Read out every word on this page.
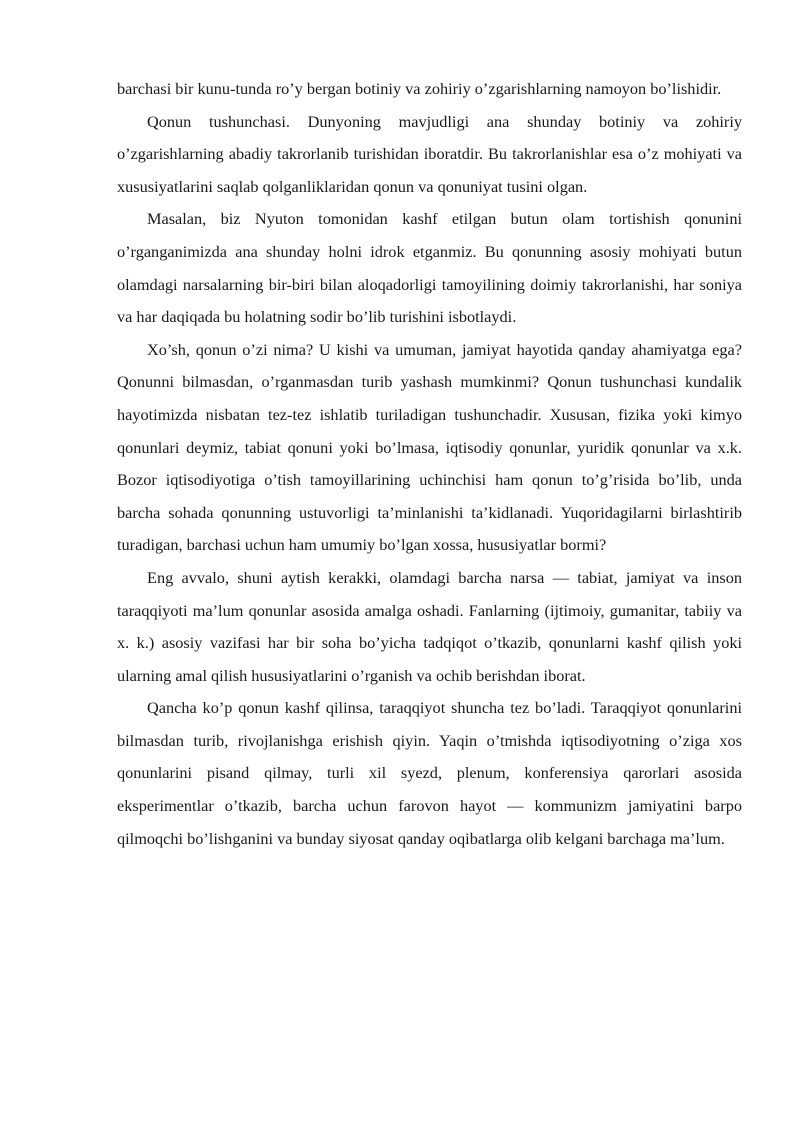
barchasi bir kunu-tunda ro’y bergan botiniy va zohiriy o’zgarishlarning namoyon bo’lishidir.

Qonun tushunchasi. Dunyoning mavjudligi ana shunday botiniy va zohiriy o’zgarishlarning abadiy takrorlanib turishidan iboratdir. Bu takrorlanishlar esa o’z mohiyati va xususiyatlarini saqlab qolganliklaridan qonun va qonuniyat tusini olgan.

Masalan, biz Nyuton tomonidan kashf etilgan butun olam tortishish qonunini o’rganganimizda ana shunday holni idrok etganmiz. Bu qonunning asosiy mohiyati butun olamdagi narsalarning bir-biri bilan aloqadorligi tamoyilining doimiy takrorlanishi, har soniya va har daqiqada bu holatning sodir bo’lib turishini isbotlaydi.

Xo’sh, qonun o’zi nima? U kishi va umuman, jamiyat hayotida qanday ahamiyatga ega? Qonunni bilmasdan, o’rganmasdan turib yashash mumkinmi? Qonun tushunchasi kundalik hayotimizda nisbatan tez-tez ishlatib turiladigan tushunchadir. Xususan, fizika yoki kimyo qonunlari deymiz, tabiat qonuni yoki bo’lmasa, iqtisodiy qonunlar, yuridik qonunlar va x.k. Bozor iqtisodiyotiga o’tish tamoyillarining uchinchisi ham qonun to’g’risida bo’lib, unda barcha sohada qonunning ustuvorligi ta’minlanishi ta’kidlanadi. Yuqoridagilarni birlashtirib turadigan, barchasi uchun ham umumiy bo’lgan xossa, hususiyatlar bormi?

Eng avvalo, shuni aytish kerakki, olamdagi barcha narsa — tabiat, jamiyat va inson taraqqiyoti ma’lum qonunlar asosida amalga oshadi. Fanlarning (ijtimoiy, gumanitar, tabiiy va x. k.) asosiy vazifasi har bir soha bo’yicha tadqiqot o’tkazib, qonunlarni kashf qilish yoki ularning amal qilish hususiyatlarini o’rganish va ochib berishdan iborat.

Qancha ko’p qonun kashf qilinsa, taraqqiyot shuncha tez bo’ladi. Taraqqiyot qonunlarini bilmasdan turib, rivojlanishga erishish qiyin. Yaqin o’tmishda iqtisodiyotning o’ziga xos qonunlarini pisand qilmay, turli xil syezd, plenum, konferensiya qarorlari asosida eksperimentlar o’tkazib, barcha uchun farovon hayot — kommunizm jamiyatini barpo qilmoqchi bo’lishganini va bunday siyosat qanday oqibatlarga olib kelgani barchaga ma’lum.
